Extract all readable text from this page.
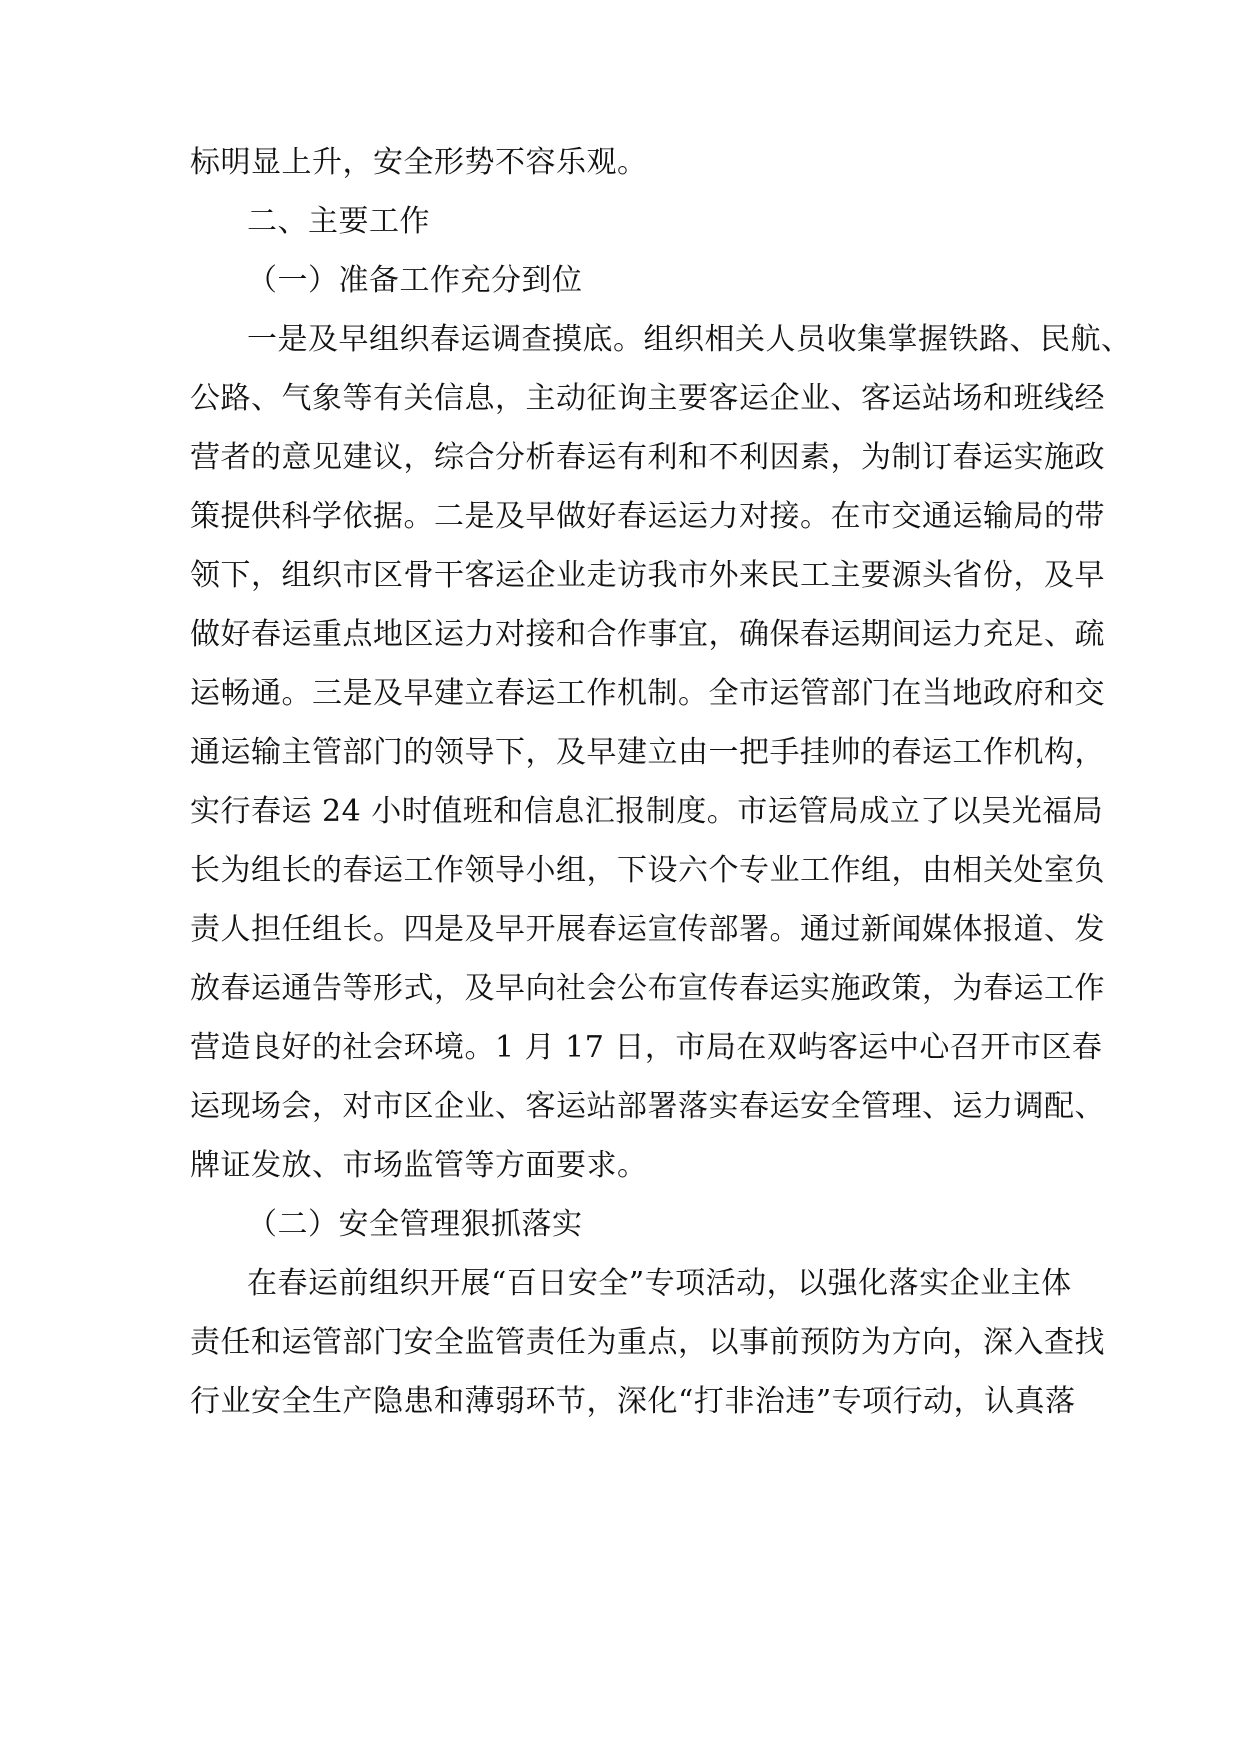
标明显上升，安全形势不容乐观。
二、主要工作
（一）准备工作充分到位
一是及早组织春运调查摸底。组织相关人员收集掌握铁路、民航、
公路、气象等有关信息，主动征询主要客运企业、客运站场和班线经
营者的意见建议，综合分析春运有利和不利因素，为制订春运实施政
策提供科学依据。二是及早做好春运运力对接。在市交通运输局的带
领下，组织市区骨干客运企业走访我市外来民工主要源头省份，及早
做好春运重点地区运力对接和合作事宜，确保春运期间运力充足、疏
运畅通。三是及早建立春运工作机制。全市运管部门在当地政府和交
通运输主管部门的领导下，及早建立由一把手挂帅的春运工作机构，
实行春运 24 小时值班和信息汇报制度。市运管局成立了以吴光福局
长为组长的春运工作领导小组，下设六个专业工作组，由相关处室负
责人担任组长。四是及早开展春运宣传部署。通过新闻媒体报道、发
放春运通告等形式，及早向社会公布宣传春运实施政策，为春运工作
营造良好的社会环境。1 月 17 日，市局在双屿客运中心召开市区春
运现场会，对市区企业、客运站部署落实春运安全管理、运力调配、
牌证发放、市场监管等方面要求。
（二）安全管理狠抓落实
在春运前组织开展“百日安全”专项活动，以强化落实企业主体
责任和运管部门安全监管责任为重点，以事前预防为方向，深入查找
行业安全生产隐患和薄弱环节，深化“打非治违”专项行动，认真落
